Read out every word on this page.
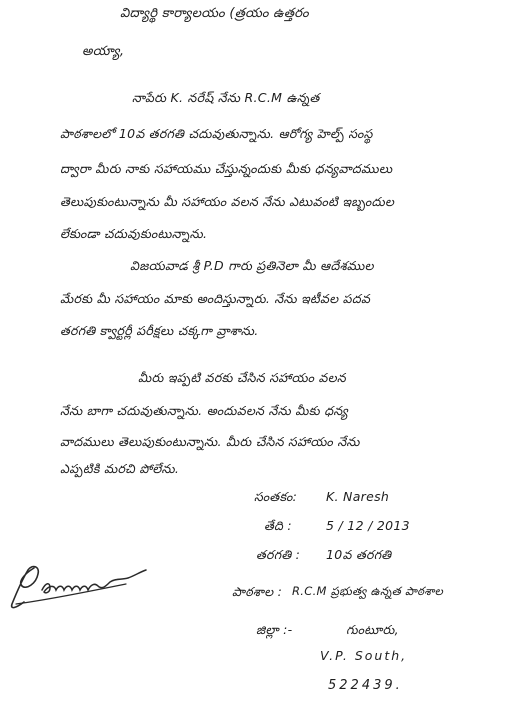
విద్యార్థి కార్యాలయం (త్రయం ఉత్తరం
అయ్యా,
నాపేరు K. నరేష్ నేను R.C.M ఉన్నత
పాఠశాలలో 10వ తరగతి చదువుతున్నాను. ఆరోగ్య హెల్ప్ సంస్థ
ద్వారా మీరు నాకు సహాయము చేస్తున్నందుకు మీకు ధన్యవాదములు
తెలుపుకుంటున్నాను మీ సహాయం వలన నేను ఎటువంటి ఇబ్బందుల
లేకుండా చదువుకుంటున్నాను.
విజయవాడ శ్రీ P.D గారు ప్రతినెలా మీ ఆదేశముల
మేరకు మీ సహాయం మాకు అందిస్తున్నారు. నేను ఇటీవల పదవ
తరగతి క్వార్టర్లీ పరీక్షలు చక్కగా వ్రాశాను.
మీరు ఇప్పటి వరకు చేసిన సహాయం వలన
నేను బాగా చదువుతున్నాను. అందువలన నేను మీకు ధన్య
వాదములు తెలుపుకుంటున్నాను. మీరు చేసిన సహాయం నేను
ఎప్పటికి మరచి పోలేను.
సంతకం: K. Naresh
తేది :	5 / 12 / 2013
తరగతి : 10వ తరగతి
పాఠశాల : R.C.M ప్రభుత్వ ఉన్నత పాఠశాల
జిల్లా :-	గుంటూరు,
V.P. South,
522439.
